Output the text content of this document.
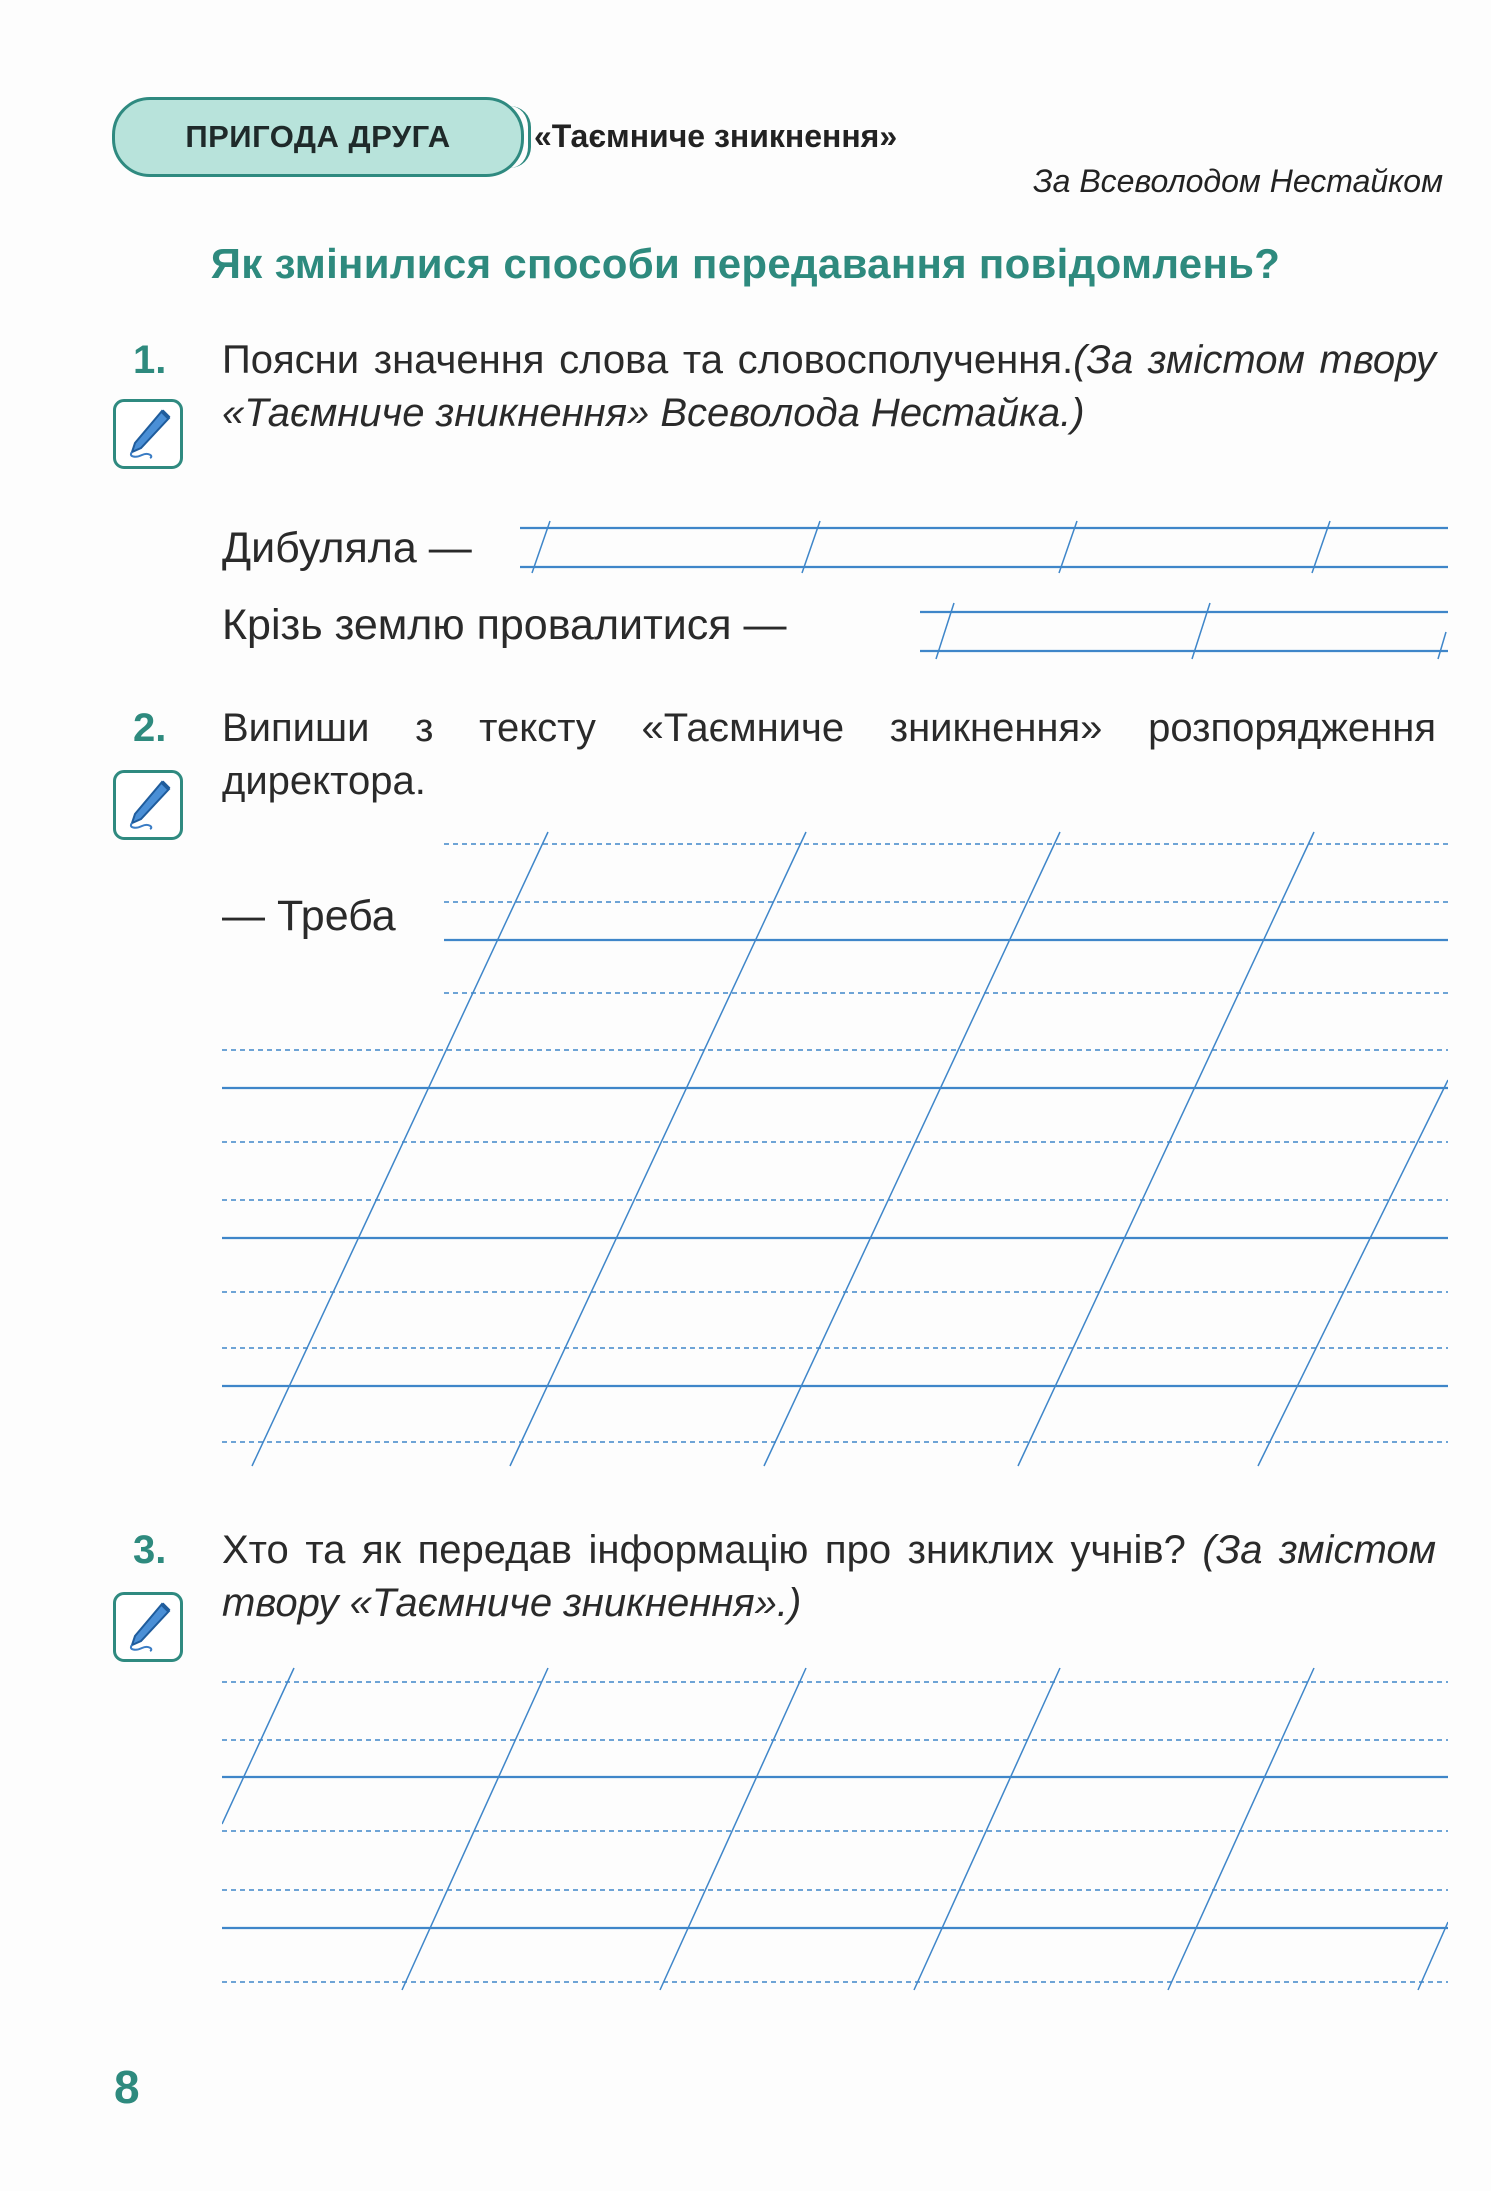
ПРИГОДА ДРУГА	«Таємниче зникнення»
За Всеволодом Нестайком
Як змінилися способи передавання повідомлень?
1. Поясни значення слова та словосполучення.(За змістом твору «Таємниче зникнення» Всеволода Нестайка.)
Дибуляла —
Крізь землю провалитися —
2. Випиши з тексту «Таємниче зникнення» розпорядження директора.
— Треба
3. Хто та як передав інформацію про зниклих учнів? (За змістом твору «Таємниче зникнення».)
8
